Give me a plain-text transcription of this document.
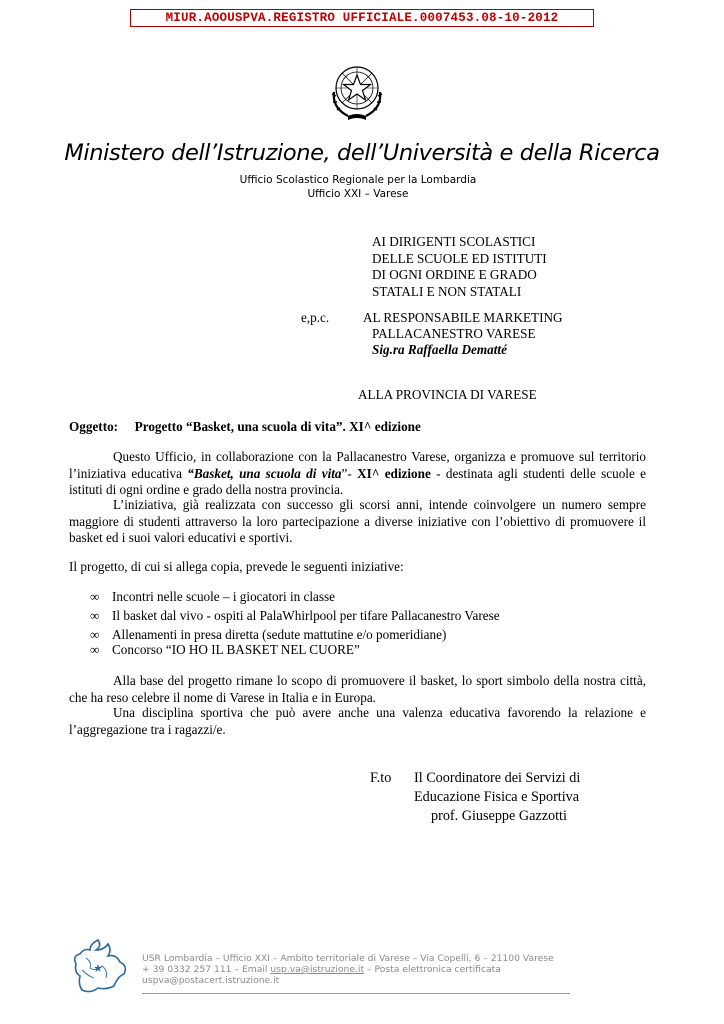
MIUR.AOOUSPVA.REGISTRO UFFICIALE.0007453.08-10-2012
Ministero dell’Istruzione, dell’Università e della Ricerca
Ufficio Scolastico Regionale per la Lombardia
Ufficio XXI – Varese
AI DIRIGENTI SCOLASTICI
DELLE SCUOLE ED ISTITUTI
DI OGNI ORDINE E GRADO
STATALI E NON STATALI
e,p.c.	AL RESPONSABILE MARKETING
PALLACANESTRO VARESE
Sig.ra Raffaella Dematté
ALLA PROVINCIA DI VARESE
Oggetto: Progetto “Basket, una scuola di vita”. XI^ edizione
Questo Ufficio, in collaborazione con la Pallacanestro Varese, organizza e promuove sul territorio l’iniziativa educativa “Basket, una scuola di vita”- XI^ edizione - destinata agli studenti delle scuole e istituti di ogni ordine e grado della nostra provincia.
L’iniziativa, già realizzata con successo gli scorsi anni, intende coinvolgere un numero sempre maggiore di studenti attraverso la loro partecipazione a diverse iniziative con l’obiettivo di promuovere il basket ed i suoi valori educativi e sportivi.
Il progetto, di cui si allega copia, prevede le seguenti iniziative:
∞ Incontri nelle scuole – i giocatori in classe
∞ Il basket dal vivo - ospiti al PalaWhirlpool per tifare Pallacanestro Varese
∞ Allenamenti in presa diretta (sedute mattutine e/o pomeridiane)
∞ Concorso “IO HO IL BASKET NEL CUORE”
Alla base del progetto rimane lo scopo di promuovere il basket, lo sport simbolo della nostra città, che ha reso celebre il nome di Varese in Italia e in Europa.
Una disciplina sportiva che può avere anche una valenza educativa favorendo la relazione e l’aggregazione tra i ragazzi/e.
F.to Il Coordinatore dei Servizi di
Educazione Fisica e Sportiva
prof. Giuseppe Gazzotti
USR Lombardia – Ufficio XXI – Ambito territoriale di Varese – Via Copelli, 6 – 21100 Varese
+ 39 0332 257 111 – Email usp.va@istruzione.it – Posta elettronica certificata
uspva@postacert.istruzione.it
